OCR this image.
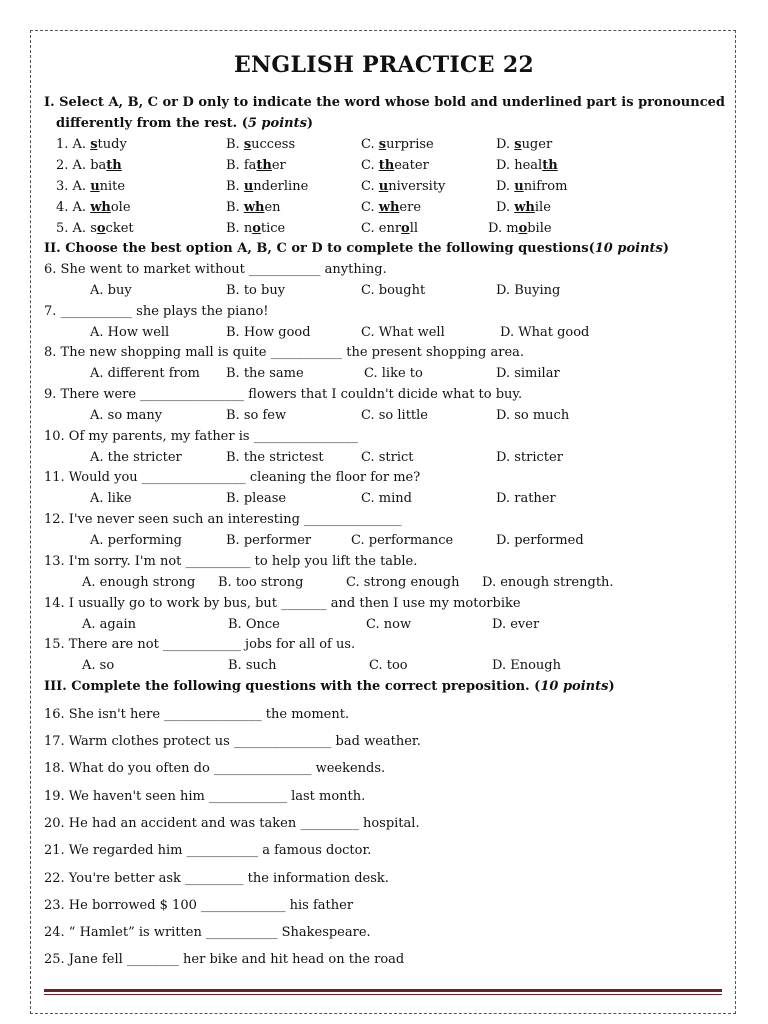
ENGLISH PRACTICE 22
I. Select A, B, C or D only to indicate the word whose bold and underlined part is pronounced
differently from the rest. (5 points)
1. A. study	B. success	C. surprise	D. suger
2. A. bath	B. father	C. theater	D. health
3. A. unite	B. underline	C. university	D. unifrom
4. A. whole	B. when	C. where	D. while
5. A. socket	B. notice	C. enroll	D. mobile
II. Choose the best option A, B, C or D to complete the following questions(10 points)
6. She went to market without ___________ anything.
A. buy	B. to buy	C. bought	D. Buying
7. ___________ she plays the piano!
A. How well	B. How good	C. What well	D. What good
8. The new shopping mall is quite ___________ the present shopping area.
A. different from B. the same	C. like to	D. similar
9. There were ________________ flowers that I couldn't dicide what to buy.
A. so many	B. so few	C. so little	D. so much
10. Of my parents, my father is ________________
A. the stricter	B. the strictest	C. strict	D. stricter
11. Would you ________________ cleaning the floor for me?
A. like	B. please	C. mind	D. rather
12. I've never seen such an interesting _______________
A. performing	B. performer	C. performance	D. performed
13. I'm sorry. I'm not __________ to help you lift the table.
A. enough strong B. too strong	C. strong enough D. enough strength.
14. I usually go to work by bus, but _______ and then I use my motorbike
A. again	B. Once	C. now	D. ever
15. There are not ____________ jobs for all of us.
A. so	B. such	C. too	D. Enough
III. Complete the following questions with the correct preposition. (10 points)
16. She isn't here _______________ the moment.
17. Warm clothes protect us _______________ bad weather.
18. What do you often do _______________ weekends.
19. We haven't seen him ____________ last month.
20. He had an accident and was taken _________ hospital.
21. We regarded him ___________ a famous doctor.
22. You're better ask _________ the information desk.
23. He borrowed $ 100 _____________ his father
24. “ Hamlet” is written ___________ Shakespeare.
25. Jane fell ________ her bike and hit head on the road
